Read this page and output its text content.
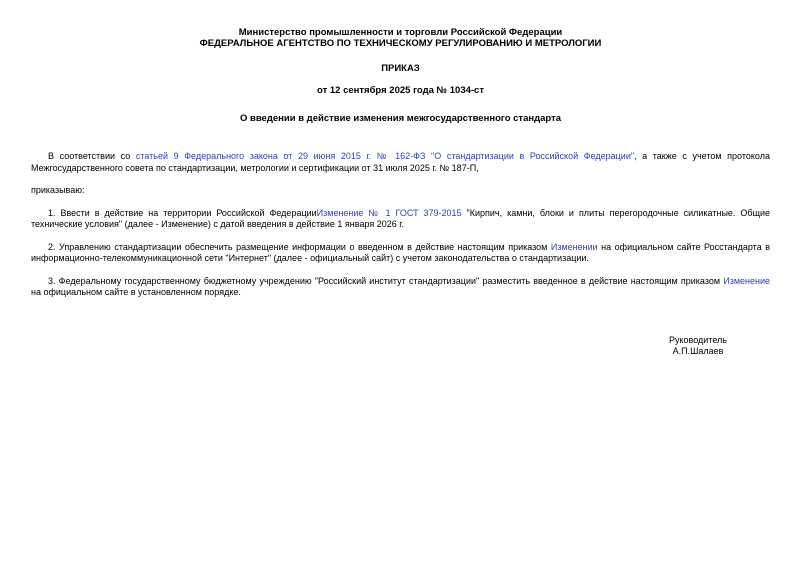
Министерство промышленности и торговли Российской Федерации
ФЕДЕРАЛЬНОЕ АГЕНТСТВО ПО ТЕХНИЧЕСКОМУ РЕГУЛИРОВАНИЮ И МЕТРОЛОГИИ
ПРИКАЗ
от 12 сентября 2025 года № 1034-ст
О введении в действие изменения межгосударственного стандарта

В соответствии со статьей 9 Федерального закона от 29 июня 2015 г. № 162-ФЗ "О стандартизации в Российской Федерации", а также с учетом протокола Межгосударственного совета по стандартизации, метрологии и сертификации от 31 июля 2025 г. № 187-П,

приказываю:

1. Ввести в действие на территории Российской ФедерацииИзменение № 1 ГОСТ 379-2015 "Кирпич, камни, блоки и плиты перегородочные силикатные. Общие технические условия" (далее - Изменение) с датой введения в действие 1 января 2026 г.

2. Управлению стандартизации обеспечить размещение информации о введенном в действие настоящим приказом Изменении на официальном сайте Росстандарта в информационно-телекоммуникационной сети "Интернет" (далее - официальный сайт) с учетом законодательства о стандартизации.

3. Федеральному государственному бюджетному учреждению "Российский институт стандартизации" разместить введенное в действие настоящим приказом Изменение на официальном сайте в установленном порядке.

Руководитель
А.П.Шалаев
